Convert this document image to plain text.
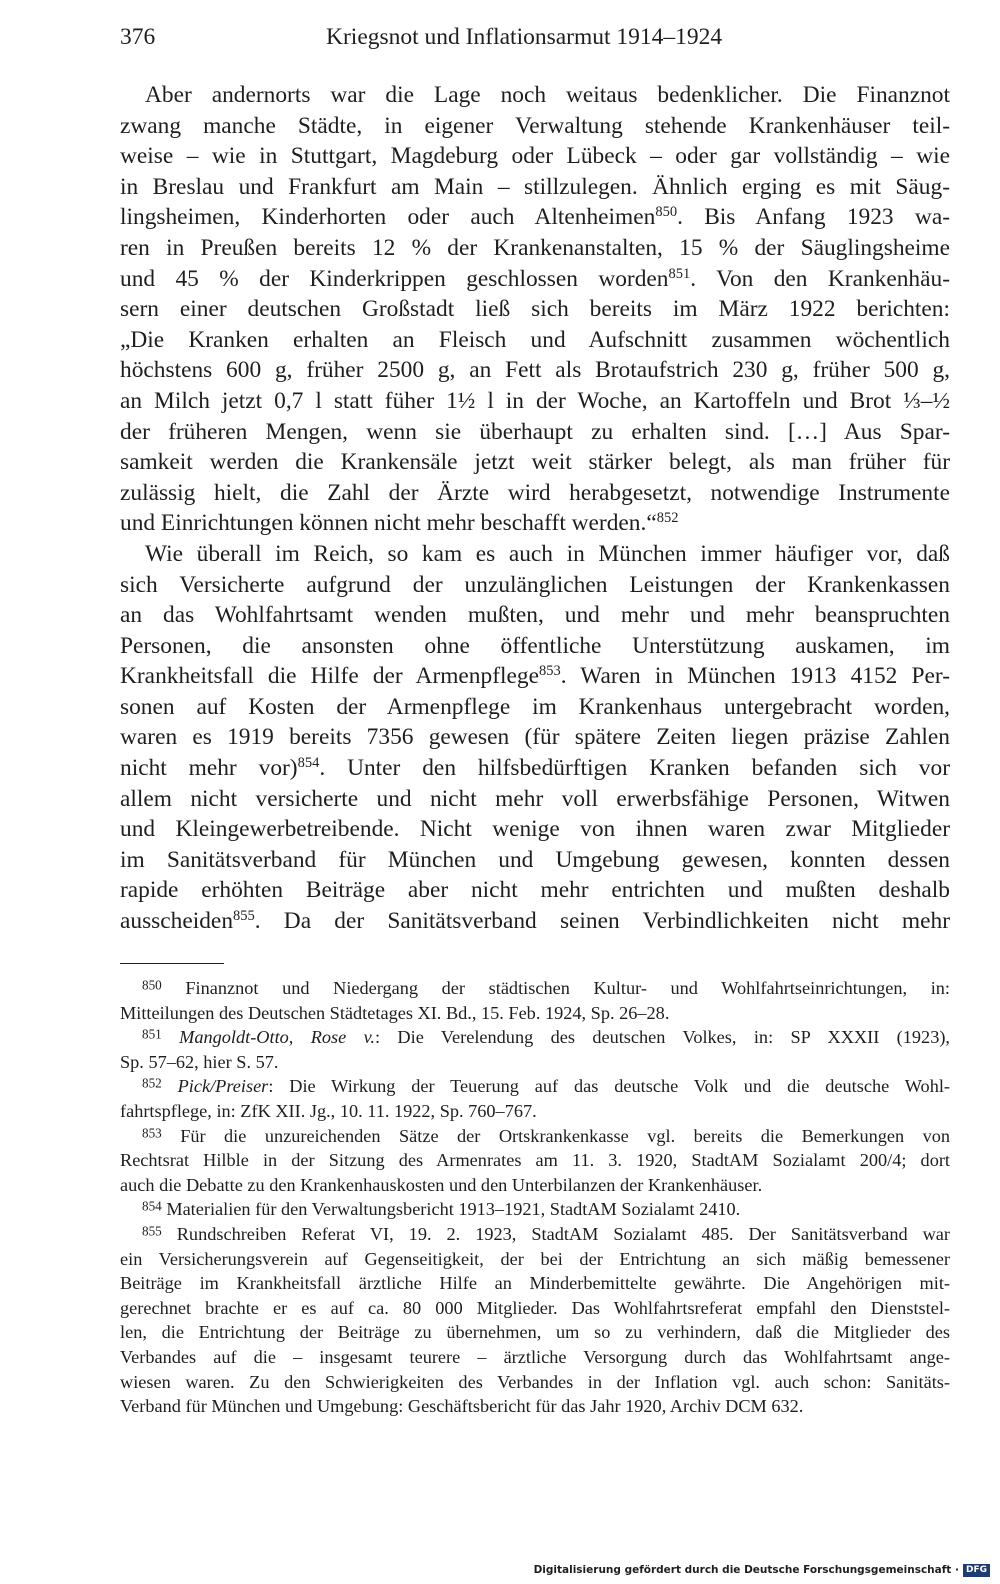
376	Kriegsnot und Inflationsarmut 1914–1924
Aber andernorts war die Lage noch weitaus bedenklicher. Die Finanznot
zwang manche Städte, in eigener Verwaltung stehende Krankenhäuser teil-
weise – wie in Stuttgart, Magdeburg oder Lübeck – oder gar vollständig – wie
in Breslau und Frankfurt am Main – stillzulegen. Ähnlich erging es mit Säug-
lingsheimen, Kinderhorten oder auch Altenheimen$^{850}$. Bis Anfang 1923 wa-
ren in Preußen bereits 12 % der Krankenanstalten, 15 % der Säuglingsheime
und 45 % der Kinderkrippen geschlossen worden$^{851}$. Von den Krankenhäu-
sern einer deutschen Großstadt ließ sich bereits im März 1922 berichten:
„Die Kranken erhalten an Fleisch und Aufschnitt zusammen wöchentlich
höchstens 600 g, früher 2500 g, an Fett als Brotaufstrich 230 g, früher 500 g,
an Milch jetzt 0,7 l statt füher 1½ l in der Woche, an Kartoffeln und Brot ⅓–½
der früheren Mengen, wenn sie überhaupt zu erhalten sind. […] Aus Spar-
samkeit werden die Krankensäle jetzt weit stärker belegt, als man früher für
zulässig hielt, die Zahl der Ärzte wird herabgesetzt, notwendige Instrumente
und Einrichtungen können nicht mehr beschafft werden.“$^{852}$
Wie überall im Reich, so kam es auch in München immer häufiger vor, daß
sich Versicherte aufgrund der unzulänglichen Leistungen der Krankenkassen
an das Wohlfahrtsamt wenden mußten, und mehr und mehr beanspruchten
Personen, die ansonsten ohne öffentliche Unterstützung auskamen, im
Krankheitsfall die Hilfe der Armenpflege$^{853}$. Waren in München 1913 4152 Per-
sonen auf Kosten der Armenpflege im Krankenhaus untergebracht worden,
waren es 1919 bereits 7356 gewesen (für spätere Zeiten liegen präzise Zahlen
nicht mehr vor)$^{854}$. Unter den hilfsbedürftigen Kranken befanden sich vor
allem nicht versicherte und nicht mehr voll erwerbsfähige Personen, Witwen
und Kleingewerbetreibende. Nicht wenige von ihnen waren zwar Mitglieder
im Sanitätsverband für München und Umgebung gewesen, konnten dessen
rapide erhöhten Beiträge aber nicht mehr entrichten und mußten deshalb
ausscheiden$^{855}$. Da der Sanitätsverband seinen Verbindlichkeiten nicht mehr
$^{850}$ Finanznot und Niedergang der städtischen Kultur- und Wohlfahrtseinrichtungen, in:
Mitteilungen des Deutschen Städtetages XI. Bd., 15. Feb. 1924, Sp. 26–28.
$^{851}$ Mangoldt-Otto, Rose v.: Die Verelendung des deutschen Volkes, in: SP XXXII (1923),
Sp. 57–62, hier S. 57.
$^{852}$ Pick/Preiser: Die Wirkung der Teuerung auf das deutsche Volk und die deutsche Wohl-
fahrtspflege, in: ZfK XII. Jg., 10. 11. 1922, Sp. 760–767.
$^{853}$ Für die unzureichenden Sätze der Ortskrankenkasse vgl. bereits die Bemerkungen von
Rechtsrat Hilble in der Sitzung des Armenrates am 11. 3. 1920, StadtAM Sozialamt 200/4; dort
auch die Debatte zu den Krankenhauskosten und den Unterbilanzen der Krankenhäuser.
$^{854}$ Materialien für den Verwaltungsbericht 1913–1921, StadtAM Sozialamt 2410.
$^{855}$ Rundschreiben Referat VI, 19. 2. 1923, StadtAM Sozialamt 485. Der Sanitätsverband war
ein Versicherungsverein auf Gegenseitigkeit, der bei der Entrichtung an sich mäßig bemessener
Beiträge im Krankheitsfall ärztliche Hilfe an Minderbemittelte gewährte. Die Angehörigen mit-
gerechnet brachte er es auf ca. 80 000 Mitglieder. Das Wohlfahrtsreferat empfahl den Dienststel-
len, die Entrichtung der Beiträge zu übernehmen, um so zu verhindern, daß die Mitglieder des
Verbandes auf die – insgesamt teurere – ärztliche Versorgung durch das Wohlfahrtsamt ange-
wiesen waren. Zu den Schwierigkeiten des Verbandes in der Inflation vgl. auch schon: Sanitäts-
Verband für München und Umgebung: Geschäftsbericht für das Jahr 1920, Archiv DCM 632.
Digitalisierung gefördert durch die Deutsche Forschungsgemeinschaft · DFG
